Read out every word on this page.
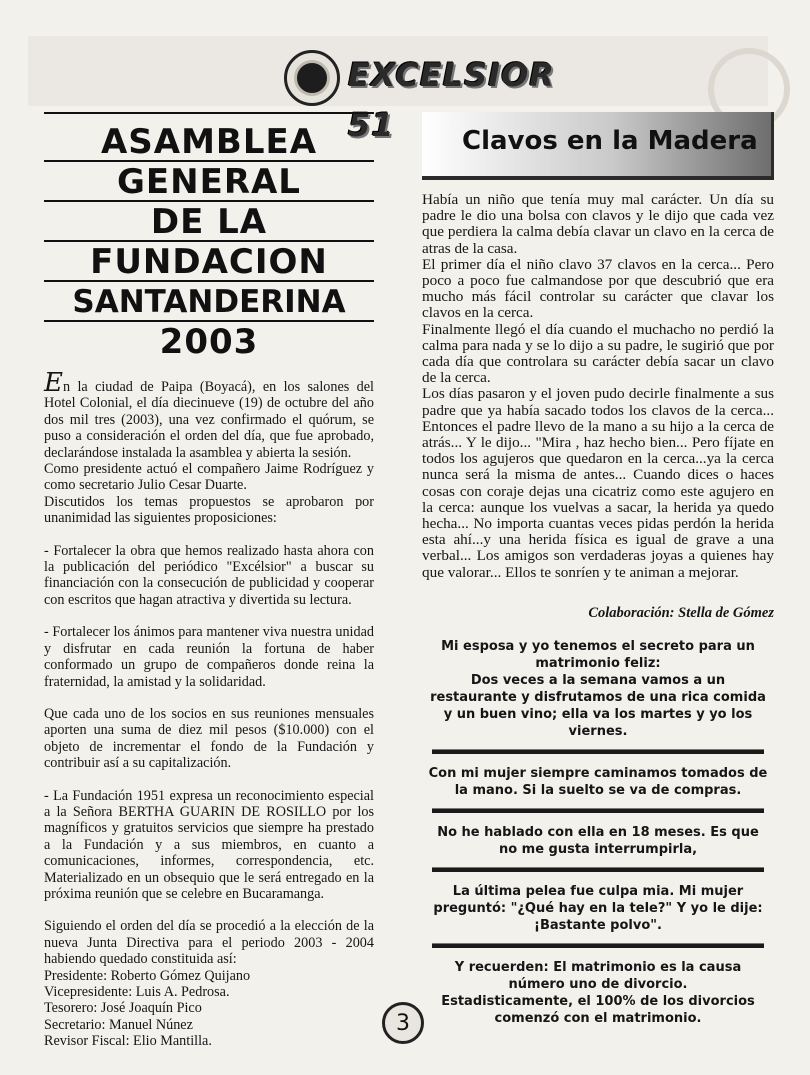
EXCELSIOR 51
ASAMBLEA
GENERAL
DE LA
FUNDACION
SANTANDERINA
2003

En la ciudad de Paipa (Boyacá), en los salones del Hotel Colonial, el día diecinueve (19) de octubre del año dos mil tres (2003), una vez confirmado el quórum, se puso a consideración el orden del día, que fue aprobado, declarándose instalada la asamblea y abierta la sesión.

Como presidente actuó el compañero Jaime Rodríguez y como secretario Julio Cesar Duarte.

Discutidos los temas propuestos se aprobaron por unanimidad las siguientes proposiciones:

- Fortalecer la obra que hemos realizado hasta ahora con la publicación del periódico "Excélsior" a buscar su financiación con la consecución de publicidad y cooperar con escritos que hagan atractiva y divertida su lectura.

- Fortalecer los ánimos para mantener viva nuestra unidad y disfrutar en cada reunión la fortuna de haber conformado un grupo de compañeros donde reina la fraternidad, la amistad y la solidaridad.

Que cada uno de los socios en sus reuniones mensuales aporten una suma de diez mil pesos ($10.000) con el objeto de incrementar el fondo de la Fundación y contribuir así a su capitalización.

- La Fundación 1951 expresa un reconocimiento especial a la Señora BERTHA GUARIN DE ROSILLO por los magníficos y gratuitos servicios que siempre ha prestado a la Fundación y a sus miembros, en cuanto a comunicaciones, informes, correspondencia, etc. Materializado en un obsequio que le será entregado en la próxima reunión que se celebre en Bucaramanga.

Siguiendo el orden del día se procedió a la elección de la nueva Junta Directiva para el periodo 2003 - 2004 habiendo quedado constituida así:

Presidente: Roberto Gómez Quijano

Vicepresidente: Luis A. Pedrosa.

Tesorero: José Joaquín Pico

Secretario: Manuel Núnez

Revisor Fiscal: Elio Mantilla.

Clavos en la Madera

Había un niño que tenía muy mal carácter. Un día su padre le dio una bolsa con clavos y le dijo que cada vez que perdiera la calma debía clavar un clavo en la cerca de atras de la casa.

El primer día el niño clavo 37 clavos en la cerca... Pero poco a poco fue calmandose por que descubrió que era mucho más fácil controlar su carácter que clavar los clavos en la cerca.

Finalmente llegó el día cuando el muchacho no perdió la calma para nada y se lo dijo a su padre, le sugirió que por cada día que controlara su carácter debía sacar un clavo de la cerca.

Los días pasaron y el joven pudo decirle finalmente a sus padre que ya había sacado todos los clavos de la cerca... Entonces el padre llevo de la mano a su hijo a la cerca de atrás... Y le dijo... "Mira , haz hecho bien... Pero fíjate en todos los agujeros que quedaron en la cerca...ya la cerca nunca será la misma de antes... Cuando dices o haces cosas con coraje dejas una cicatriz como este agujero en la cerca: aunque los vuelvas a sacar, la herida ya quedo hecha... No importa cuantas veces pidas perdón la herida esta ahí...y una herida física es igual de grave a una verbal... Los amigos son verdaderas joyas a quienes hay que valorar... Ellos te sonríen y te animan a mejorar.

Colaboración: Stella de Gómez
Mi esposa y yo tenemos el secreto para un matrimonio feliz:
Dos veces a la semana vamos a un restaurante y disfrutamos de una rica comida y un buen vino; ella va los martes y yo los viernes.
Con mi mujer siempre caminamos tomados de la mano. Si la suelto se va de compras.
No he hablado con ella en 18 meses. Es que no me gusta interrumpirla,
La última pelea fue culpa mia. Mi mujer preguntó: "¿Qué hay en la tele?" Y yo le dije: ¡Bastante polvo".
Y recuerden: El matrimonio es la causa número uno de divorcio.
Estadisticamente, el 100% de los divorcios comenzó con el matrimonio.
3
